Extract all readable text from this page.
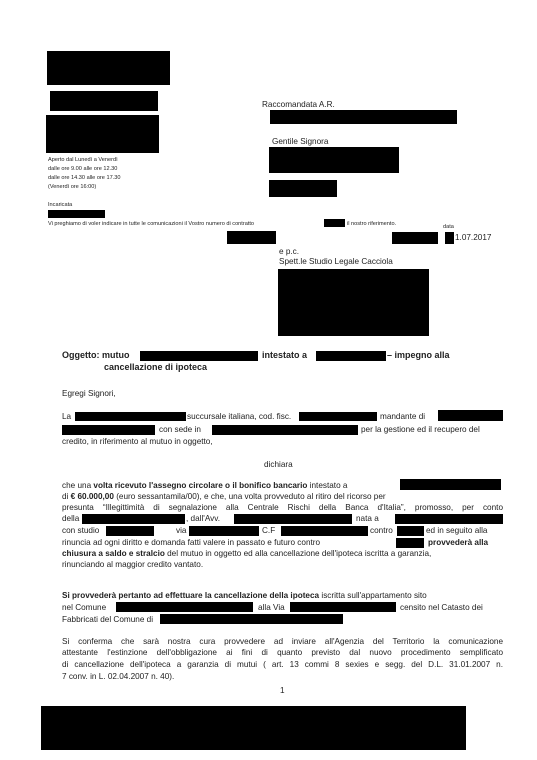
Aperto dal Lunedì a Venerdì
dalle ore 9.00 alle ore 12.30
dalle ore 14.30 alle ore 17.30
(Venerdì ore 16:00)
Incaricata
Vi preghiamo di voler indicare in tutte le comunicazioni il Vostro numero di contratto	il nostro riferimento.
Raccomandata A.R.
Gentile Signora
data
1.07.2017
e p.c.
Spett.le Studio Legale Cacciola
Oggetto: mutuo	intestato a	– impegno alla
cancellazione di ipoteca
Egregi Signori,
La	succursale italiana, cod. fisc.	mandante di
con sede in	per la gestione ed il recupero del
credito, in riferimento al mutuo in oggetto,
dichiara
che una volta ricevuto l'assegno circolare o il bonifico bancario intestato a
di € 60.000,00 (euro sessantamila/00), e che, una volta provveduto al ritiro del ricorso per
presunta “Illegittimità di segnalazione alla Centrale Rischi della Banca d'Italia”, promosso, per conto
della	, dall'Avv.	nata a
con studio	via	C.F	contro	ed in seguito alla
rinuncia ad ogni diritto e domanda fatti valere in passato e futuro contro	provvederà alla
chiusura a saldo e stralcio del mutuo in oggetto ed alla cancellazione dell'ipoteca iscritta a garanzia,
rinunciando al maggior credito vantato.
Si provvederà pertanto ad effettuare la cancellazione della ipoteca iscritta sull'appartamento sito
nel Comune	alla Via	censito nel Catasto dei
Fabbricati del Comune di
Si conferma che sarà nostra cura provvedere ad inviare all'Agenzia del Territorio la comunicazione
attestante l'estinzione dell'obbligazione ai fini di quanto previsto dal nuovo procedimento semplificato
di cancellazione dell'ipoteca a garanzia di mutui ( art. 13 commi 8 sexies e segg. del D.L. 31.01.2007 n.
7 conv. in L. 02.04.2007 n. 40).
1
